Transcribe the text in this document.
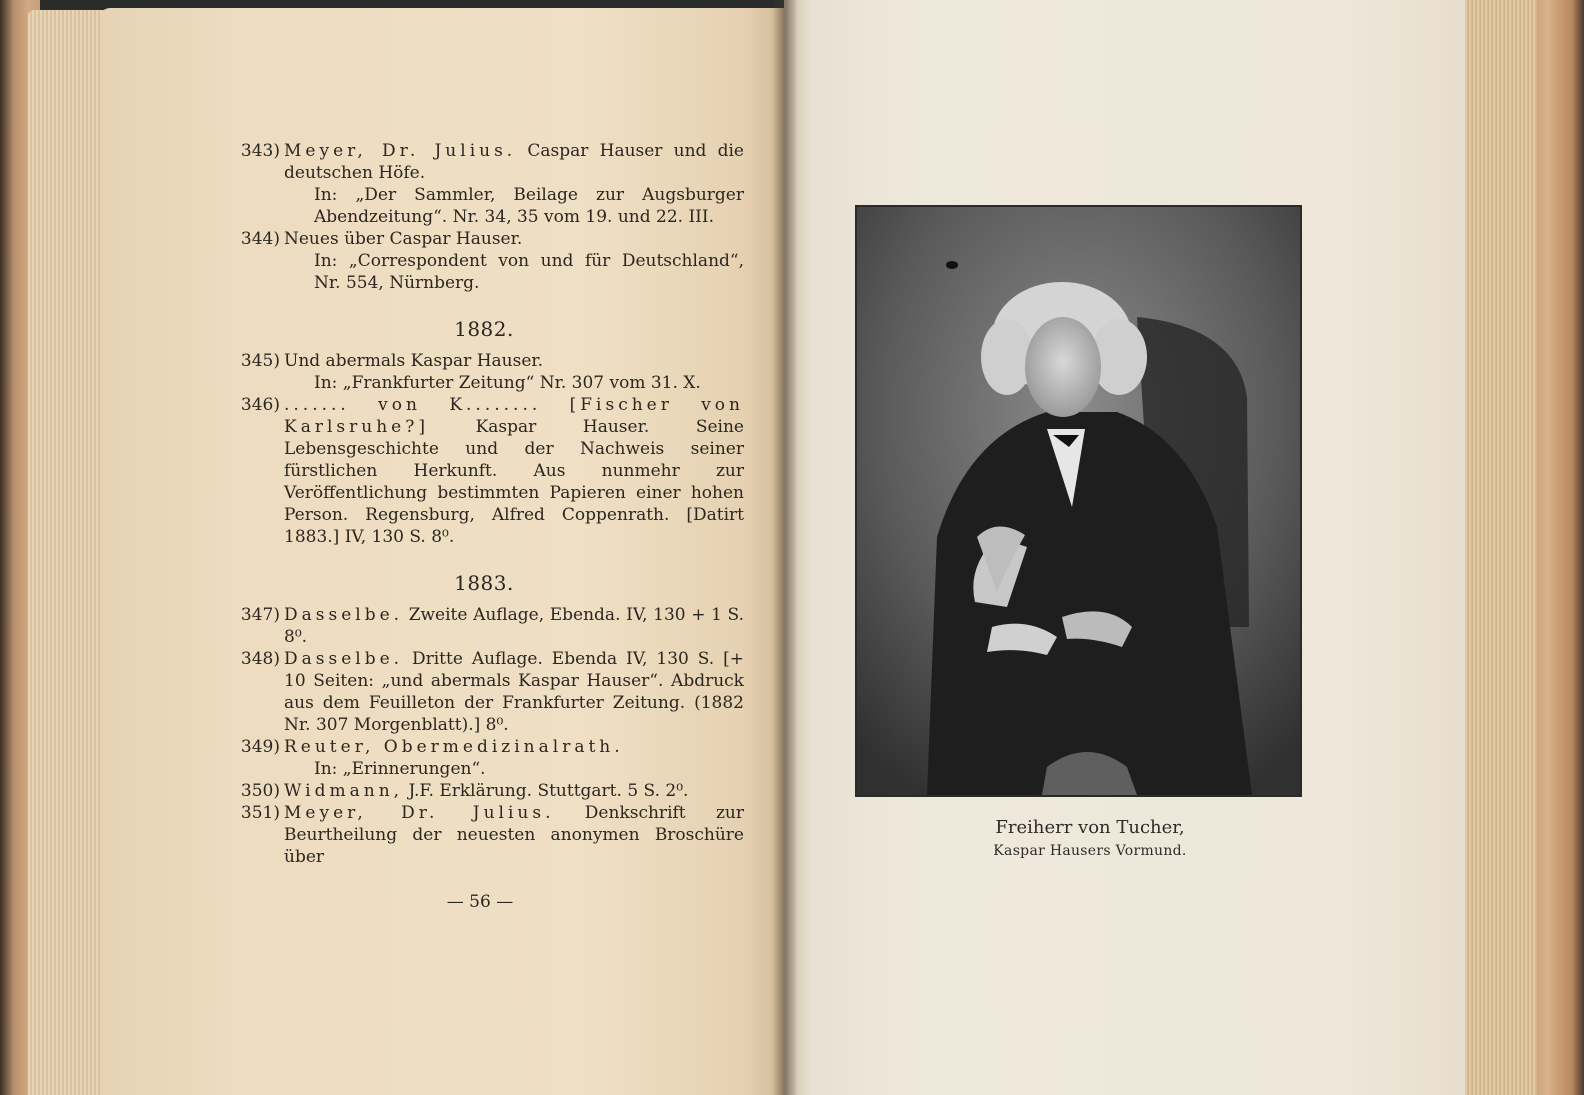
343) Meyer, Dr. Julius. Caspar Hauser und die deutschen Höfe.
In: „Der Sammler, Beilage zur Augsburger Abendzeitung“. Nr. 34, 35 vom 19. und 22. III.
344) Neues über Caspar Hauser.
In: „Correspondent von und für Deutschland“, Nr. 554, Nürnberg.
1882.
345) Und abermals Kaspar Hauser.
In: „Frankfurter Zeitung“ Nr. 307 vom 31. X.
346) ....... von K........ [Fischer von Karlsruhe?] Kaspar Hauser. Seine Lebensgeschichte und der Nachweis seiner fürstlichen Herkunft. Aus nunmehr zur Veröffentlichung bestimmten Papieren einer hohen Person. Regensburg, Alfred Coppenrath. [Datirt 1883.] IV, 130 S. 8⁰.
1883.
347) Dasselbe. Zweite Auflage, Ebenda. IV, 130 + 1 S. 8⁰.
348) Dasselbe. Dritte Auflage. Ebenda IV, 130 S. [+ 10 Seiten: „und abermals Kaspar Hauser“. Abdruck aus dem Feuilleton der Frankfurter Zeitung. (1882 Nr. 307 Morgenblatt).] 8⁰.
349) Reuter, Obermedizinalrath.
In: „Erinnerungen“.
350) Widmann, J.F. Erklärung. Stuttgart. 5 S. 2⁰.
351) Meyer, Dr. Julius. Denkschrift zur Beurtheilung der neuesten anonymen Broschüre über
— 56 —
Freiherr von Tucher,
Kaspar Hausers Vormund.
